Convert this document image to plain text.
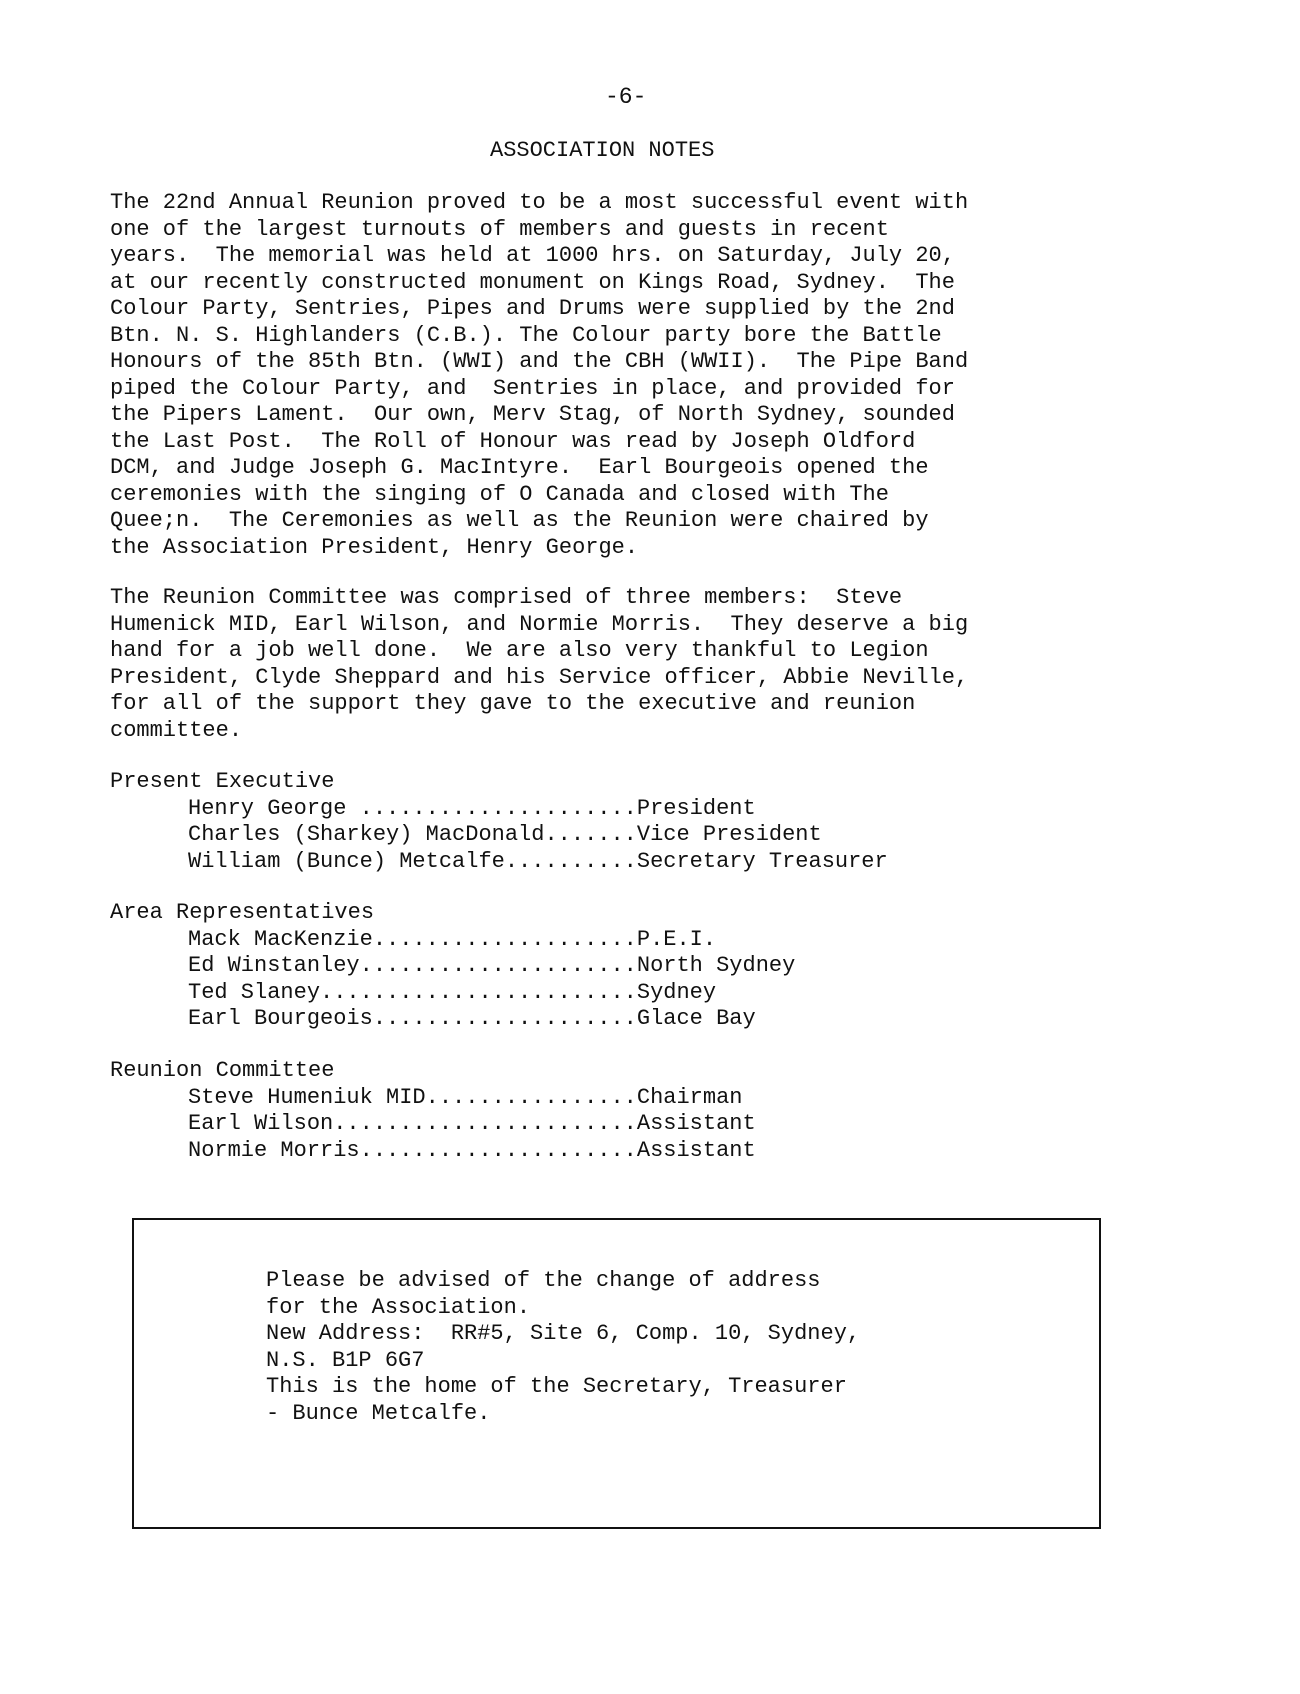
-6-
ASSOCIATION NOTES

The 22nd Annual Reunion proved to be a most successful event with
one of the largest turnouts of members and guests in recent
years.  The memorial was held at 1000 hrs. on Saturday, July 20,
at our recently constructed monument on Kings Road, Sydney.  The
Colour Party, Sentries, Pipes and Drums were supplied by the 2nd
Btn. N. S. Highlanders (C.B.). The Colour party bore the Battle
Honours of the 85th Btn. (WWI) and the CBH (WWII).  The Pipe Band
piped the Colour Party, and  Sentries in place, and provided for
the Pipers Lament.  Our own, Merv Stag, of North Sydney, sounded
the Last Post.  The Roll of Honour was read by Joseph Oldford
DCM, and Judge Joseph G. MacIntyre.  Earl Bourgeois opened the
ceremonies with the singing of O Canada and closed with The
Quee;n.  The Ceremonies as well as the Reunion were chaired by
the Association President, Henry George.

The Reunion Committee was comprised of three members:  Steve
Humenick MID, Earl Wilson, and Normie Morris.  They deserve a big
hand for a job well done.  We are also very thankful to Legion
President, Clyde Sheppard and his Service officer, Abbie Neville,
for all of the support they gave to the executive and reunion
committee.

Present Executive
Henry George .....................President
Charles (Sharkey) MacDonald.......Vice President
William (Bunce) Metcalfe..........Secretary Treasurer
Area Representatives
Mack MacKenzie....................P.E.I.
Ed Winstanley.....................North Sydney
Ted Slaney........................Sydney
Earl Bourgeois....................Glace Bay
Reunion Committee
Steve Humeniuk MID................Chairman
Earl Wilson.......................Assistant
Normie Morris.....................Assistant
Please be advised of the change of address
for the Association.
New Address:  RR#5, Site 6, Comp. 10, Sydney,
N.S. B1P 6G7
This is the home of the Secretary, Treasurer
- Bunce Metcalfe.
